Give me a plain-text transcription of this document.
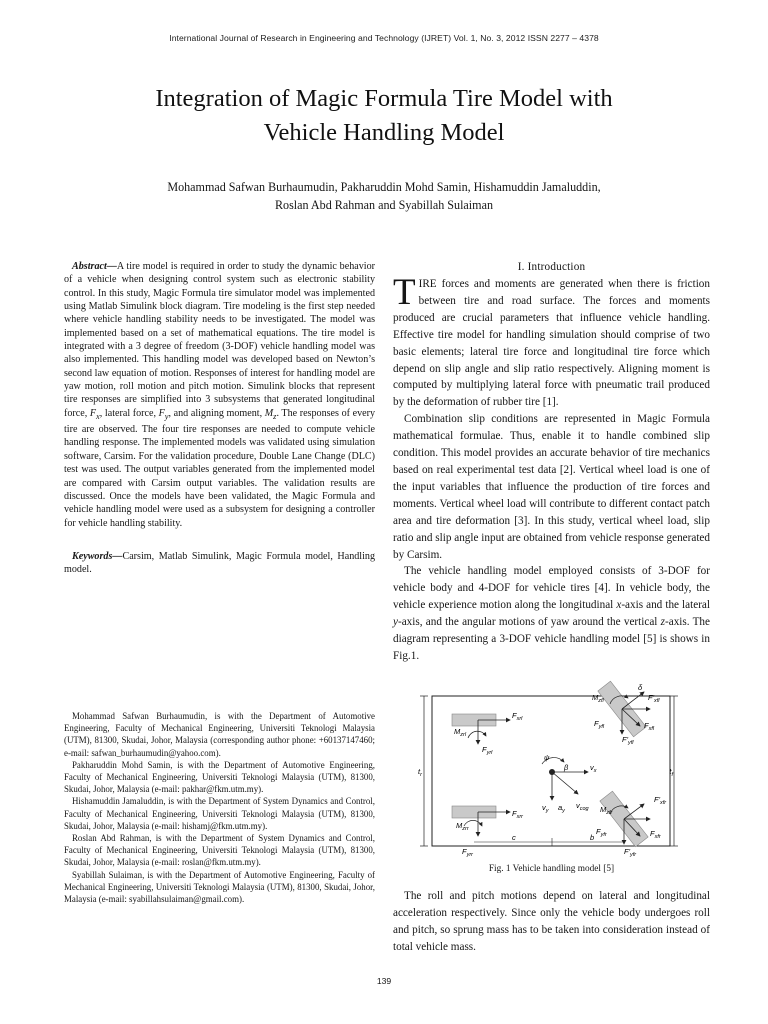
International Journal of Research in Engineering and Technology (IJRET) Vol. 1, No. 3, 2012 ISSN 2277 – 4378
Integration of Magic Formula Tire Model with
Vehicle Handling Model
Mohammad Safwan Burhaumudin, Pakharuddin Mohd Samin, Hishamuddin Jamaluddin,
Roslan Abd Rahman and Syabillah Sulaiman

Abstract—A tire model is required in order to study the dynamic behavior of a vehicle when designing control system such as electronic stability control. In this study, Magic Formula tire simulator model was implemented using Matlab Simulink block diagram. Tire modeling is the first step needed where vehicle handling stability needs to be investigated. The model was implemented based on a set of mathematical equations. The tire model is integrated with a 3 degree of freedom (3-DOF) vehicle handling model was also implemented. This handling model was developed based on Newton’s second law equation of motion. Responses of interest for handling model are yaw motion, roll motion and pitch motion. Simulink blocks that represent tire responses are simplified into 3 subsystems that generated longitudinal force, $F_x$, lateral force, $F_y$, and aligning moment, $M_z$. The responses of every tire are observed. The four tire responses are needed to compute vehicle handling response. The implemented models was validated using simulation software, Carsim. For the validation procedure, Double Lane Change (DLC) test was used. The output variables generated from the implemented model are compared with Carsim output variables. The validation results are discussed. Once the models have been validated, the Magic Formula and vehicle handling model were used as a subsystem for designing a controller for vehicle handling stability.

Keywords—Carsim, Matlab Simulink, Magic Formula model, Handling model.

Mohammad Safwan Burhaumudin, is with the Department of Automotive Engineering, Faculty of Mechanical Engineering, Universiti Teknologi Malaysia (UTM), 81300, Skudai, Johor, Malaysia (corresponding author phone: +60137147460; e-mail: safwan_burhaumudin@yahoo.com).

Pakharuddin Mohd Samin, is with the Department of Automotive Engineering, Faculty of Mechanical Engineering, Universiti Teknologi Malaysia (UTM), 81300, Skudai, Johor, Malaysia (e-mail: pakhar@fkm.utm.my).

Hishamuddin Jamaluddin, is with the Department of System Dynamics and Control, Faculty of Mechanical Engineering, Universiti Teknologi Malaysia (UTM), 81300, Skudai, Johor, Malaysia (e-mail: hishamj@fkm.utm.my).

Roslan Abd Rahman, is with the Department of System Dynamics and Control, Faculty of Mechanical Engineering, Universiti Teknologi Malaysia (UTM), 81300, Skudai, Johor, Malaysia (e-mail: roslan@fkm.utm.my).

Syabillah Sulaiman, is with the Department of Automotive Engineering, Faculty of Mechanical Engineering, Universiti Teknologi Malaysia (UTM), 81300, Skudai, Johor, Malaysia (e-mail: syabillahsulaiman@gmail.com).

I. Introduction

TIRE forces and moments are generated when there is friction between tire and road surface. The forces and moments produced are crucial parameters that influence vehicle handling. Effective tire model for handling simulation should comprise of two basic elements; lateral tire force and longitudinal tire force which depend on slip angle and slip ratio respectively. Aligning moment is computed by multiplying lateral force with pneumatic trail produced by the deformation of rubber tire [1].

Combination slip conditions are represented in Magic Formula mathematical formulae. Thus, enable it to handle combined slip condition. This model provides an accurate behavior of tire mechanics based on real experimental test data [2]. Vertical wheel load is one of the input variables that influence the production of tire forces and moments. Vertical wheel load will contribute to different contact patch area and tire deformation [3]. In this study, vertical wheel load, slip ratio and slip angle input are obtained from vehicle response generated by Carsim.

The vehicle handling model employed consists of 3-DOF for vehicle body and 4-DOF for vehicle tires [4]. In vehicle body, the vehicle experience motion along the longitudinal x-axis and the lateral y-axis, and the angular motions of yaw around the vertical z-axis. The diagram representing a 3-DOF vehicle handling model [5] is shows in Fig.1.

$F_{xrl}$
$M_{zrl}$
$F_{yrl}$
$M_{zfl}$
δ
$F'_{xfl}$
$F_{yfl}$	$F_{xfl}$
$F'_{yfl}$
$t_r$	$t_f$
ψ
β	$v_x$
$v_y$ $a_y$
$v_{cog}$
$M_{zrr}$
$F_{xrr}$
$F_{yrr}$
$M_{zfr}$
$F'_{xfr}$
$F_{yfr}$
$F'_{yfr}$
$F_{xfr}$
c	b
Fig. 1 Vehicle handling model [5]

The roll and pitch motions depend on lateral and longitudinal acceleration respectively. Since only the vehicle body undergoes roll and pitch, so sprung mass has to be taken into consideration instead of total vehicle mass.

139
